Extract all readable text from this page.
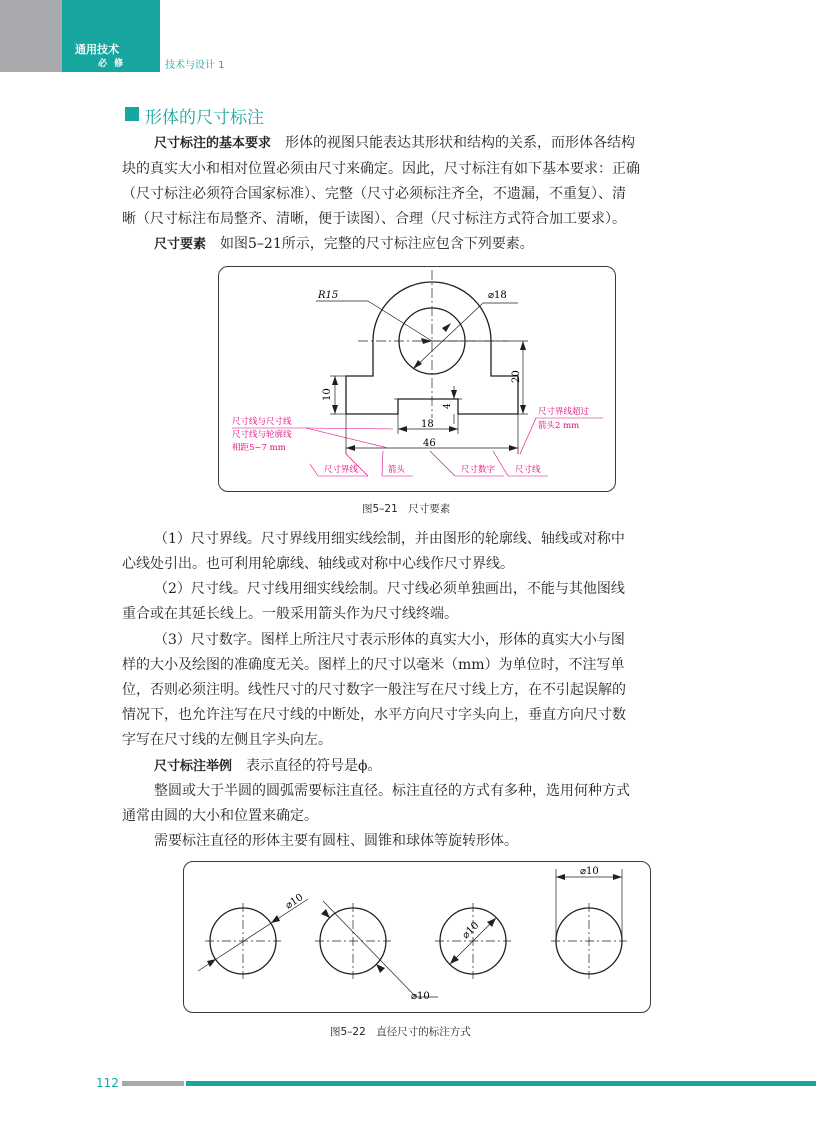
通用技术
必 修	技术与设计 1
形体的尺寸标注
尺寸标注的基本要求　 形体的视图只能表达其形状和结构的关系，而形体各结构
块的真实大小和相对位置必须由尺寸来确定。因此，尺寸标注有如下基本要求：正确
（尺寸标注必须符合国家标准）、完整（尺寸必须标注齐全，不遗漏，不重复）、清
晰（尺寸标注布局整齐、清晰，便于读图）、合理（尺寸标注方式符合加工要求）。
尺寸要素　 如图5–21所示，完整的尺寸标注应包含下列要素。
R15	⌀18
20
10
4
18
46
尺寸线与尺寸线
尺寸线与轮廓线
相距5~7 mm
尺寸界线超过
箭头2 mm
尺寸界线	箭头	尺寸数字 尺寸线
图5–21　尺寸要素
（1）尺寸界线。尺寸界线用细实线绘制，并由图形的轮廓线、轴线或对称中
心线处引出。也可利用轮廓线、轴线或对称中心线作尺寸界线。
（2）尺寸线。尺寸线用细实线绘制。尺寸线必须单独画出，不能与其他图线
重合或在其延长线上。一般采用箭头作为尺寸线终端。
（3）尺寸数字。图样上所注尺寸表示形体的真实大小，形体的真实大小与图
样的大小及绘图的准确度无关。图样上的尺寸以毫米（mm）为单位时，不注写单
位，否则必须注明。线性尺寸的尺寸数字一般注写在尺寸线上方，在不引起误解的
情况下，也允许注写在尺寸线的中断处，水平方向尺寸字头向上，垂直方向尺寸数
字写在尺寸线的左侧且字头向左。
尺寸标注举例　 表示直径的符号是ϕ。
整圆或大于半圆的圆弧需要标注直径。标注直径的方式有多种，选用何种方式
通常由圆的大小和位置来确定。
需要标注直径的形体主要有圆柱、圆锥和球体等旋转形体。
⌀10
⌀10
⌀10
⌀10
图5–22　直径尺寸的标注方式
112
